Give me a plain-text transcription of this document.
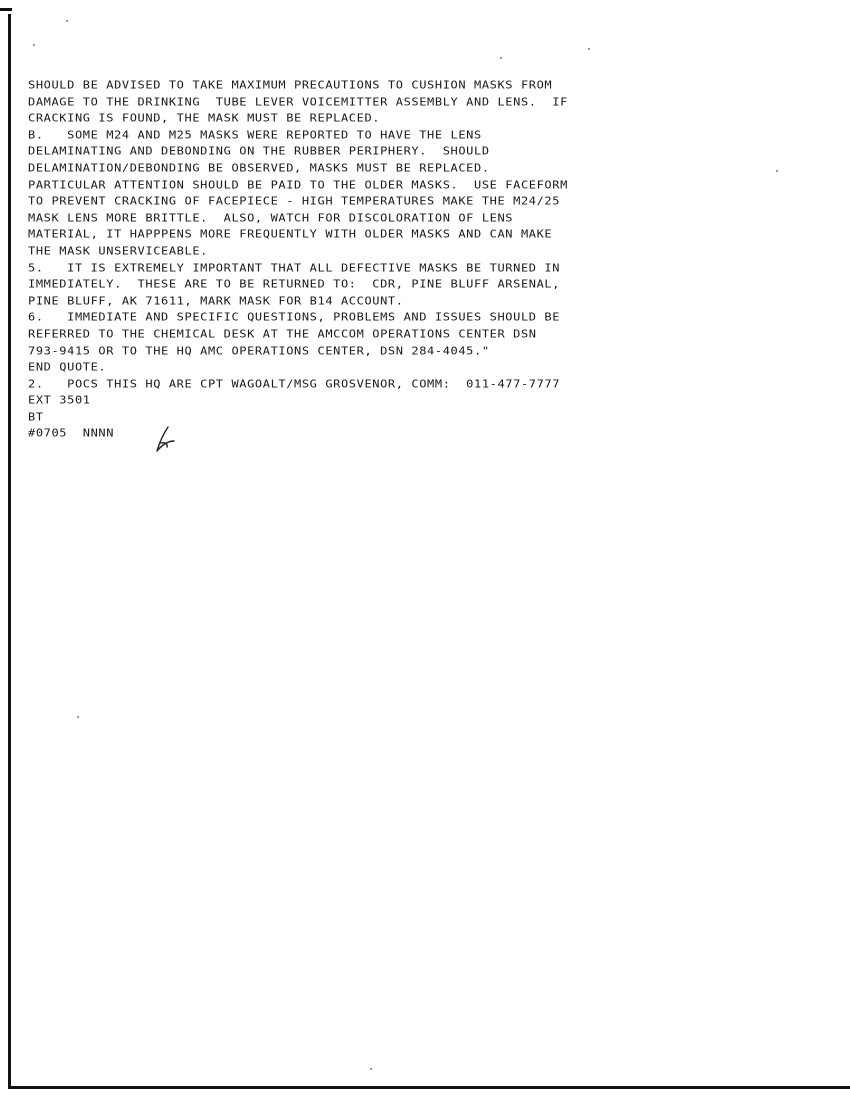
SHOULD BE ADVISED TO TAKE MAXIMUM PRECAUTIONS TO CUSHION MASKS FROM
DAMAGE TO THE DRINKING  TUBE LEVER VOICEMITTER ASSEMBLY AND LENS.  IF
CRACKING IS FOUND, THE MASK MUST BE REPLACED.
B.   SOME M24 AND M25 MASKS WERE REPORTED TO HAVE THE LENS
DELAMINATING AND DEBONDING ON THE RUBBER PERIPHERY.  SHOULD
DELAMINATION/DEBONDING BE OBSERVED, MASKS MUST BE REPLACED.
PARTICULAR ATTENTION SHOULD BE PAID TO THE OLDER MASKS.  USE FACEFORM
TO PREVENT CRACKING OF FACEPIECE - HIGH TEMPERATURES MAKE THE M24/25
MASK LENS MORE BRITTLE.  ALSO, WATCH FOR DISCOLORATION OF LENS
MATERIAL, IT HAPPPENS MORE FREQUENTLY WITH OLDER MASKS AND CAN MAKE
THE MASK UNSERVICEABLE.
5.   IT IS EXTREMELY IMPORTANT THAT ALL DEFECTIVE MASKS BE TURNED IN
IMMEDIATELY.  THESE ARE TO BE RETURNED TO:  CDR, PINE BLUFF ARSENAL,
PINE BLUFF, AK 71611, MARK MASK FOR B14 ACCOUNT.
6.   IMMEDIATE AND SPECIFIC QUESTIONS, PROBLEMS AND ISSUES SHOULD BE
REFERRED TO THE CHEMICAL DESK AT THE AMCCOM OPERATIONS CENTER DSN
793-9415 OR TO THE HQ AMC OPERATIONS CENTER, DSN 284-4045."
END QUOTE.
2.   POCS THIS HQ ARE CPT WAGOALT/MSG GROSVENOR, COMM:  011-477-7777
EXT 3501
BT
#0705  NNNN
